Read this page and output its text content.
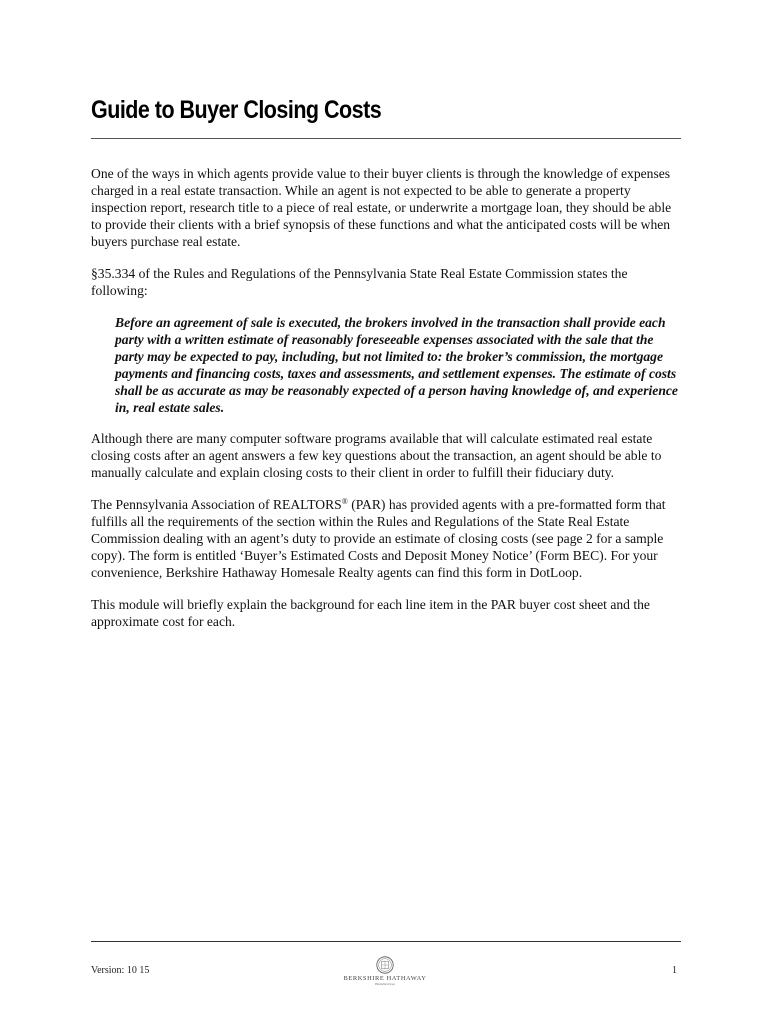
Guide to Buyer Closing Costs

One of the ways in which agents provide value to their buyer clients is through the knowledge of expenses charged in a real estate transaction. While an agent is not expected to be able to generate a property inspection report, research title to a piece of real estate, or underwrite a mortgage loan, they should be able to provide their clients with a brief synopsis of these functions and what the anticipated costs will be when buyers purchase real estate.

§35.334 of the Rules and Regulations of the Pennsylvania State Real Estate Commission states the following:

Before an agreement of sale is executed, the brokers involved in the transaction shall provide each party with a written estimate of reasonably foreseeable expenses associated with the sale that the party may be expected to pay, including, but not limited to: the broker’s commission, the mortgage payments and financing costs, taxes and assessments, and settlement expenses. The estimate of costs shall be as accurate as may be reasonably expected of a person having knowledge of, and experience in, real estate sales.

Although there are many computer software programs available that will calculate estimated real estate closing costs after an agent answers a few key questions about the transaction, an agent should be able to manually calculate and explain closing costs to their client in order to fulfill their fiduciary duty.

The Pennsylvania Association of REALTORS® (PAR) has provided agents with a pre-formatted form that fulfills all the requirements of the section within the Rules and Regulations of the State Real Estate Commission dealing with an agent’s duty to provide an estimate of closing costs (see page 2 for a sample copy). The form is entitled ‘Buyer’s Estimated Costs and Deposit Money Notice’ (Form BEC). For your convenience, Berkshire Hathaway Homesale Realty agents can find this form in DotLoop.

This module will briefly explain the background for each line item in the PAR buyer cost sheet and the approximate cost for each.

Version: 10 15
BERKSHIRE HATHAWAY
HomeServices
1
